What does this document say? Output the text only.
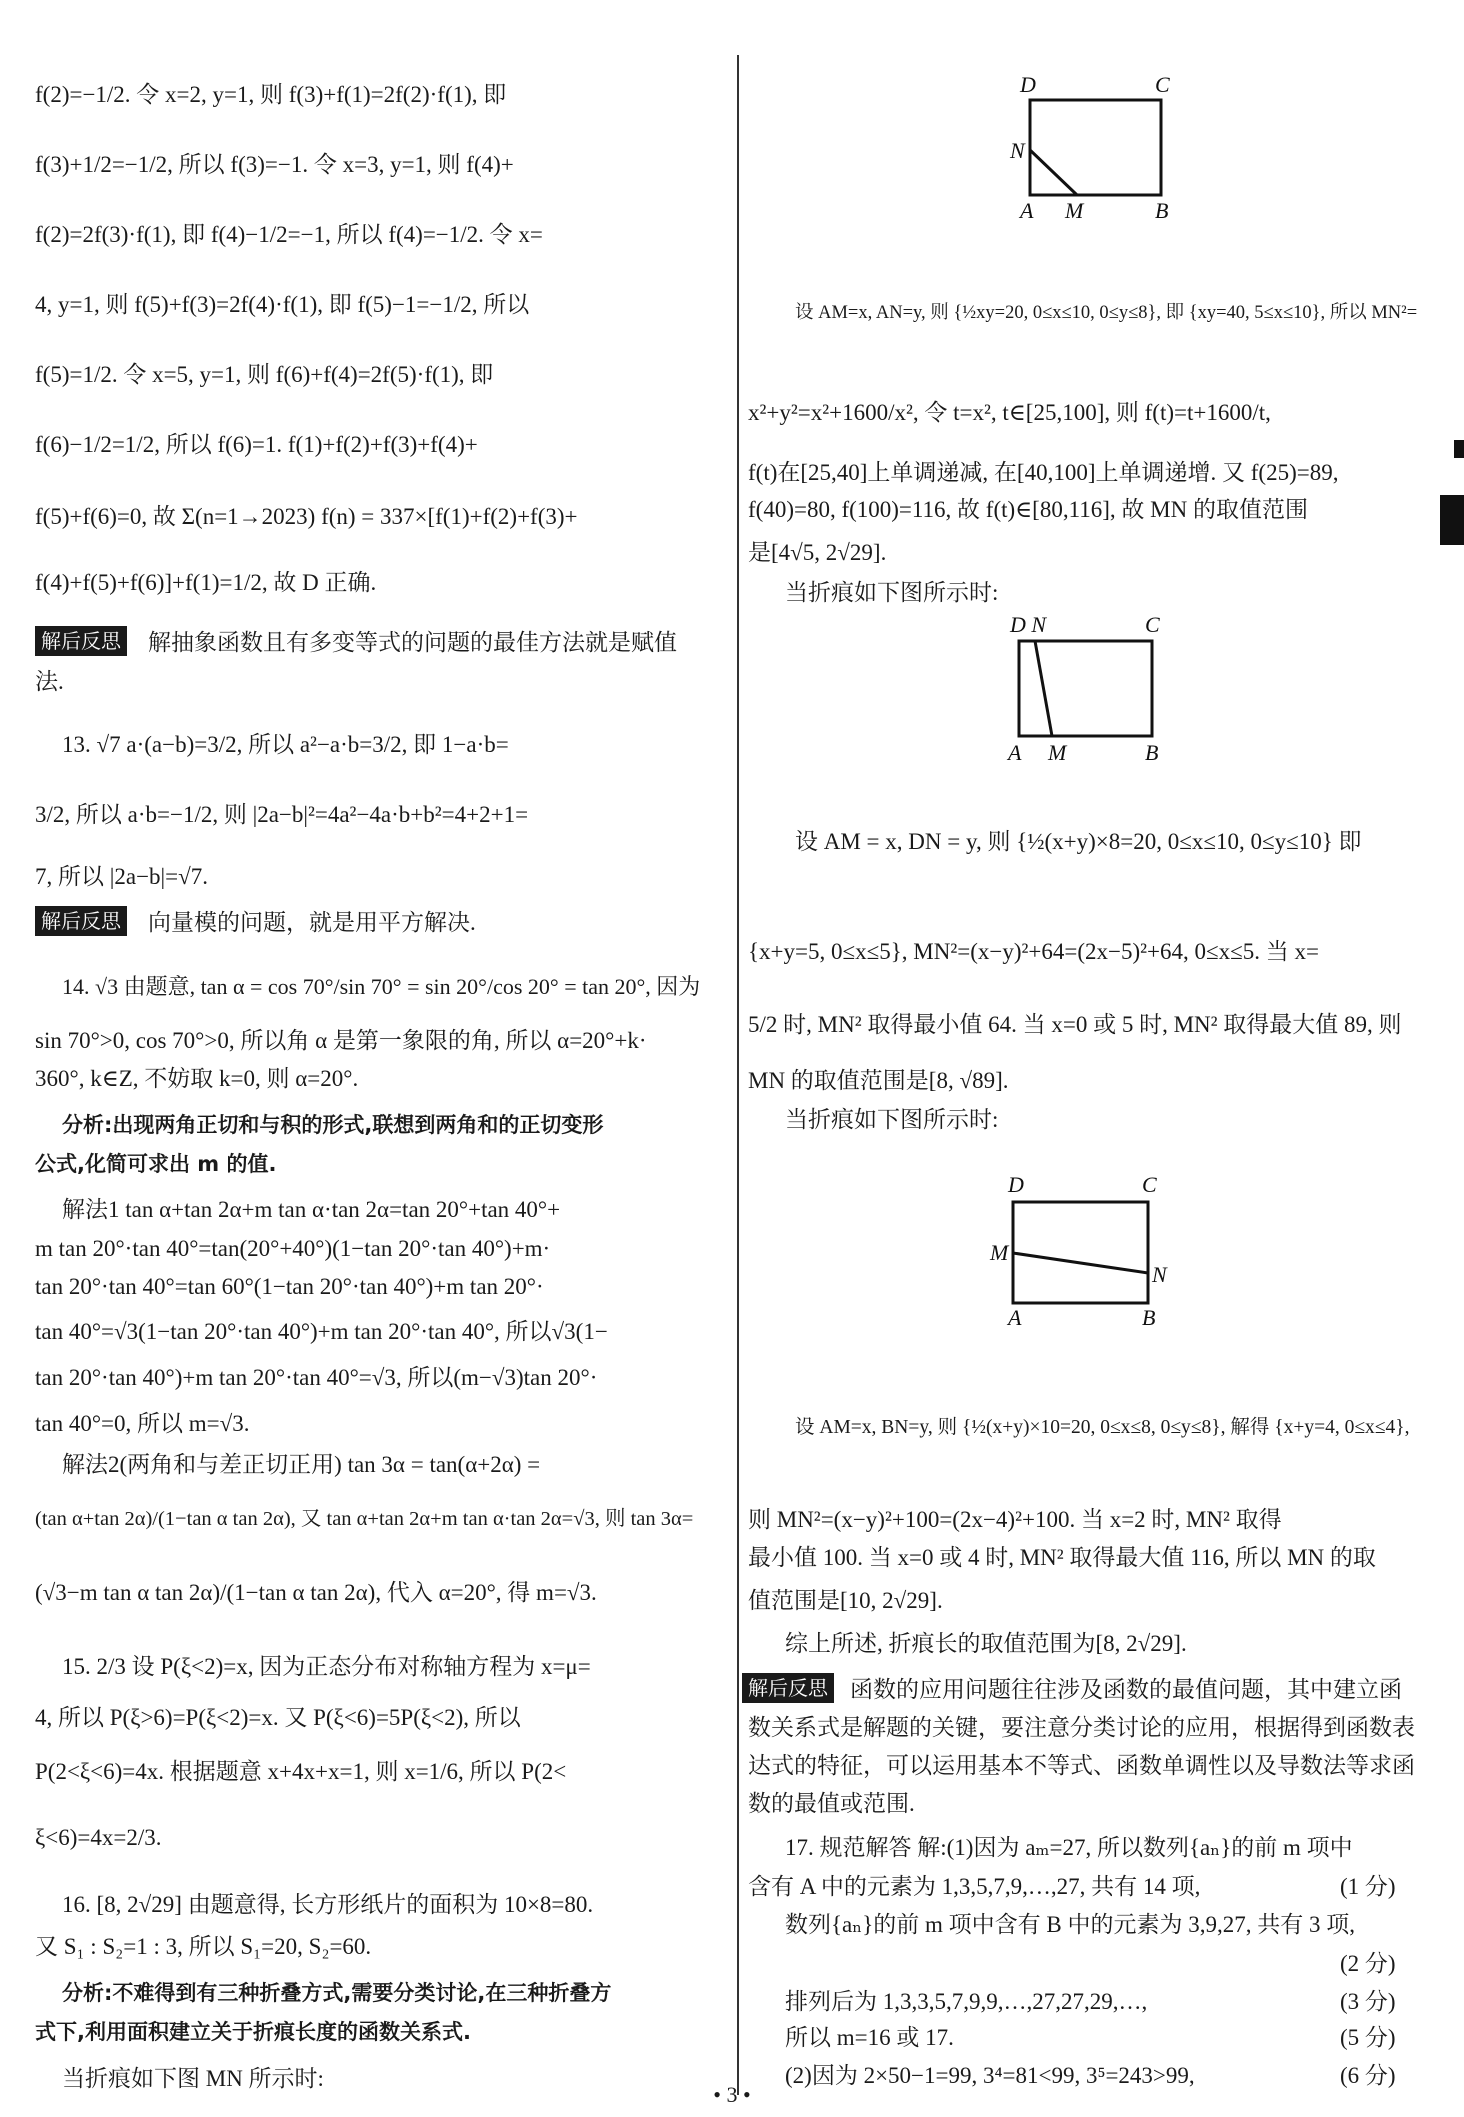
f(2)=−1/2. 令 x=2, y=1, 则 f(3)+f(1)=2f(2)·f(1), 即
f(3)+1/2=−1/2, 所以 f(3)=−1. 令 x=3, y=1, 则 f(4)+
f(2)=2f(3)·f(1), 即 f(4)−1/2=−1, 所以 f(4)=−1/2. 令 x=
4, y=1, 则 f(5)+f(3)=2f(4)·f(1), 即 f(5)−1=−1/2, 所以
f(5)=1/2. 令 x=5, y=1, 则 f(6)+f(4)=2f(5)·f(1), 即
f(6)−1/2=1/2, 所以 f(6)=1. f(1)+f(2)+f(3)+f(4)+
f(5)+f(6)=0, 故 Σ(n=1→2023) f(n) = 337×[f(1)+f(2)+f(3)+
f(4)+f(5)+f(6)]+f(1)=1/2, 故 D 正确.
解后反思 解抽象函数且有多变等式的问题的最佳方法就是赋值
法.
13. √7 a·(a−b)=3/2, 所以 a²−a·b=3/2, 即 1−a·b=
3/2, 所以 a·b=−1/2, 则 |2a−b|²=4a²−4a·b+b²=4+2+1=
7, 所以 |2a−b|=√7.
解后反思 向量模的问题，就是用平方解决.
14. √3 由题意, tan α = cos 70°/sin 70° = sin 20°/cos 20° = tan 20°, 因为
sin 70°>0, cos 70°>0, 所以角 α 是第一象限的角, 所以 α=20°+k·
360°, k∈Z, 不妨取 k=0, 则 α=20°.
分析:出现两角正切和与积的形式,联想到两角和的正切变形
公式,化简可求出 m 的值.
解法1 tan α+tan 2α+m tan α·tan 2α=tan 20°+tan 40°+
m tan 20°·tan 40°=tan(20°+40°)(1−tan 20°·tan 40°)+m·
tan 20°·tan 40°=tan 60°(1−tan 20°·tan 40°)+m tan 20°·
tan 40°=√3(1−tan 20°·tan 40°)+m tan 20°·tan 40°, 所以√3(1−
tan 20°·tan 40°)+m tan 20°·tan 40°=√3, 所以(m−√3)tan 20°·
tan 40°=0, 所以 m=√3.
解法2(两角和与差正切正用) tan 3α = tan(α+2α) =
(tan α+tan 2α)/(1−tan α tan 2α), 又 tan α+tan 2α+m tan α·tan 2α=√3, 则 tan 3α=
(√3−m tan α tan 2α)/(1−tan α tan 2α), 代入 α=20°, 得 m=√3.
15. 2/3 设 P(ξ<2)=x, 因为正态分布对称轴方程为 x=μ=
4, 所以 P(ξ>6)=P(ξ<2)=x. 又 P(ξ<6)=5P(ξ<2), 所以
P(2<ξ<6)=4x. 根据题意 x+4x+x=1, 则 x=1/6, 所以 P(2<
ξ<6)=4x=2/3.
16. [8, 2√29] 由题意得, 长方形纸片的面积为 10×8=80.
又 S₁ : S₂=1 : 3, 所以 S₁=20, S₂=60.
分析:不难得到有三种折叠方式,需要分类讨论,在三种折叠方
式下,利用面积建立关于折痕长度的函数关系式.
当折痕如下图 MN 所示时:
设 AM=x, AN=y, 则 {½xy=20, 0≤x≤10, 0≤y≤8}, 即 {xy=40, 5≤x≤10}, 所以 MN²=
x²+y²=x²+1600/x², 令 t=x², t∈[25,100], 则 f(t)=t+1600/t,
f(t)在[25,40]上单调递减, 在[40,100]上单调递增. 又 f(25)=89,
f(40)=80, f(100)=116, 故 f(t)∈[80,116], 故 MN 的取值范围
是[4√5, 2√29].
当折痕如下图所示时:
设 AM = x, DN = y, 则 {½(x+y)×8=20, 0≤x≤10, 0≤y≤10} 即
{x+y=5, 0≤x≤5}, MN²=(x−y)²+64=(2x−5)²+64, 0≤x≤5. 当 x=
5/2 时, MN² 取得最小值 64. 当 x=0 或 5 时, MN² 取得最大值 89, 则
MN 的取值范围是[8, √89].
当折痕如下图所示时:
设 AM=x, BN=y, 则 {½(x+y)×10=20, 0≤x≤8, 0≤y≤8}, 解得 {x+y=4, 0≤x≤4},
则 MN²=(x−y)²+100=(2x−4)²+100. 当 x=2 时, MN² 取得
最小值 100. 当 x=0 或 4 时, MN² 取得最大值 116, 所以 MN 的取
值范围是[10, 2√29].
综上所述, 折痕长的取值范围为[8, 2√29].
解后反思 函数的应用问题往往涉及函数的最值问题，其中建立函
数关系式是解题的关键，要注意分类讨论的应用，根据得到函数表
达式的特征，可以运用基本不等式、函数单调性以及导数法等求函
数的最值或范围.
17. 规范解答 解:(1)因为 aₘ=27, 所以数列{aₙ}的前 m 项中
含有 A 中的元素为 1,3,5,7,9,…,27, 共有 14 项,
数列{aₙ}的前 m 项中含有 B 中的元素为 3,9,27, 共有 3 项,
排列后为 1,3,3,5,7,9,9,…,27,27,29,…,
所以 m=16 或 17.
(2)因为 2×50−1=99, 3⁴=81<99, 3⁵=243>99,
(1 分)
(2 分)
(3 分)
(5 分)
(6 分)
D	C
N
A M	B
D N	C
A M	B
D	C
M
N
A	B
• 3 •
